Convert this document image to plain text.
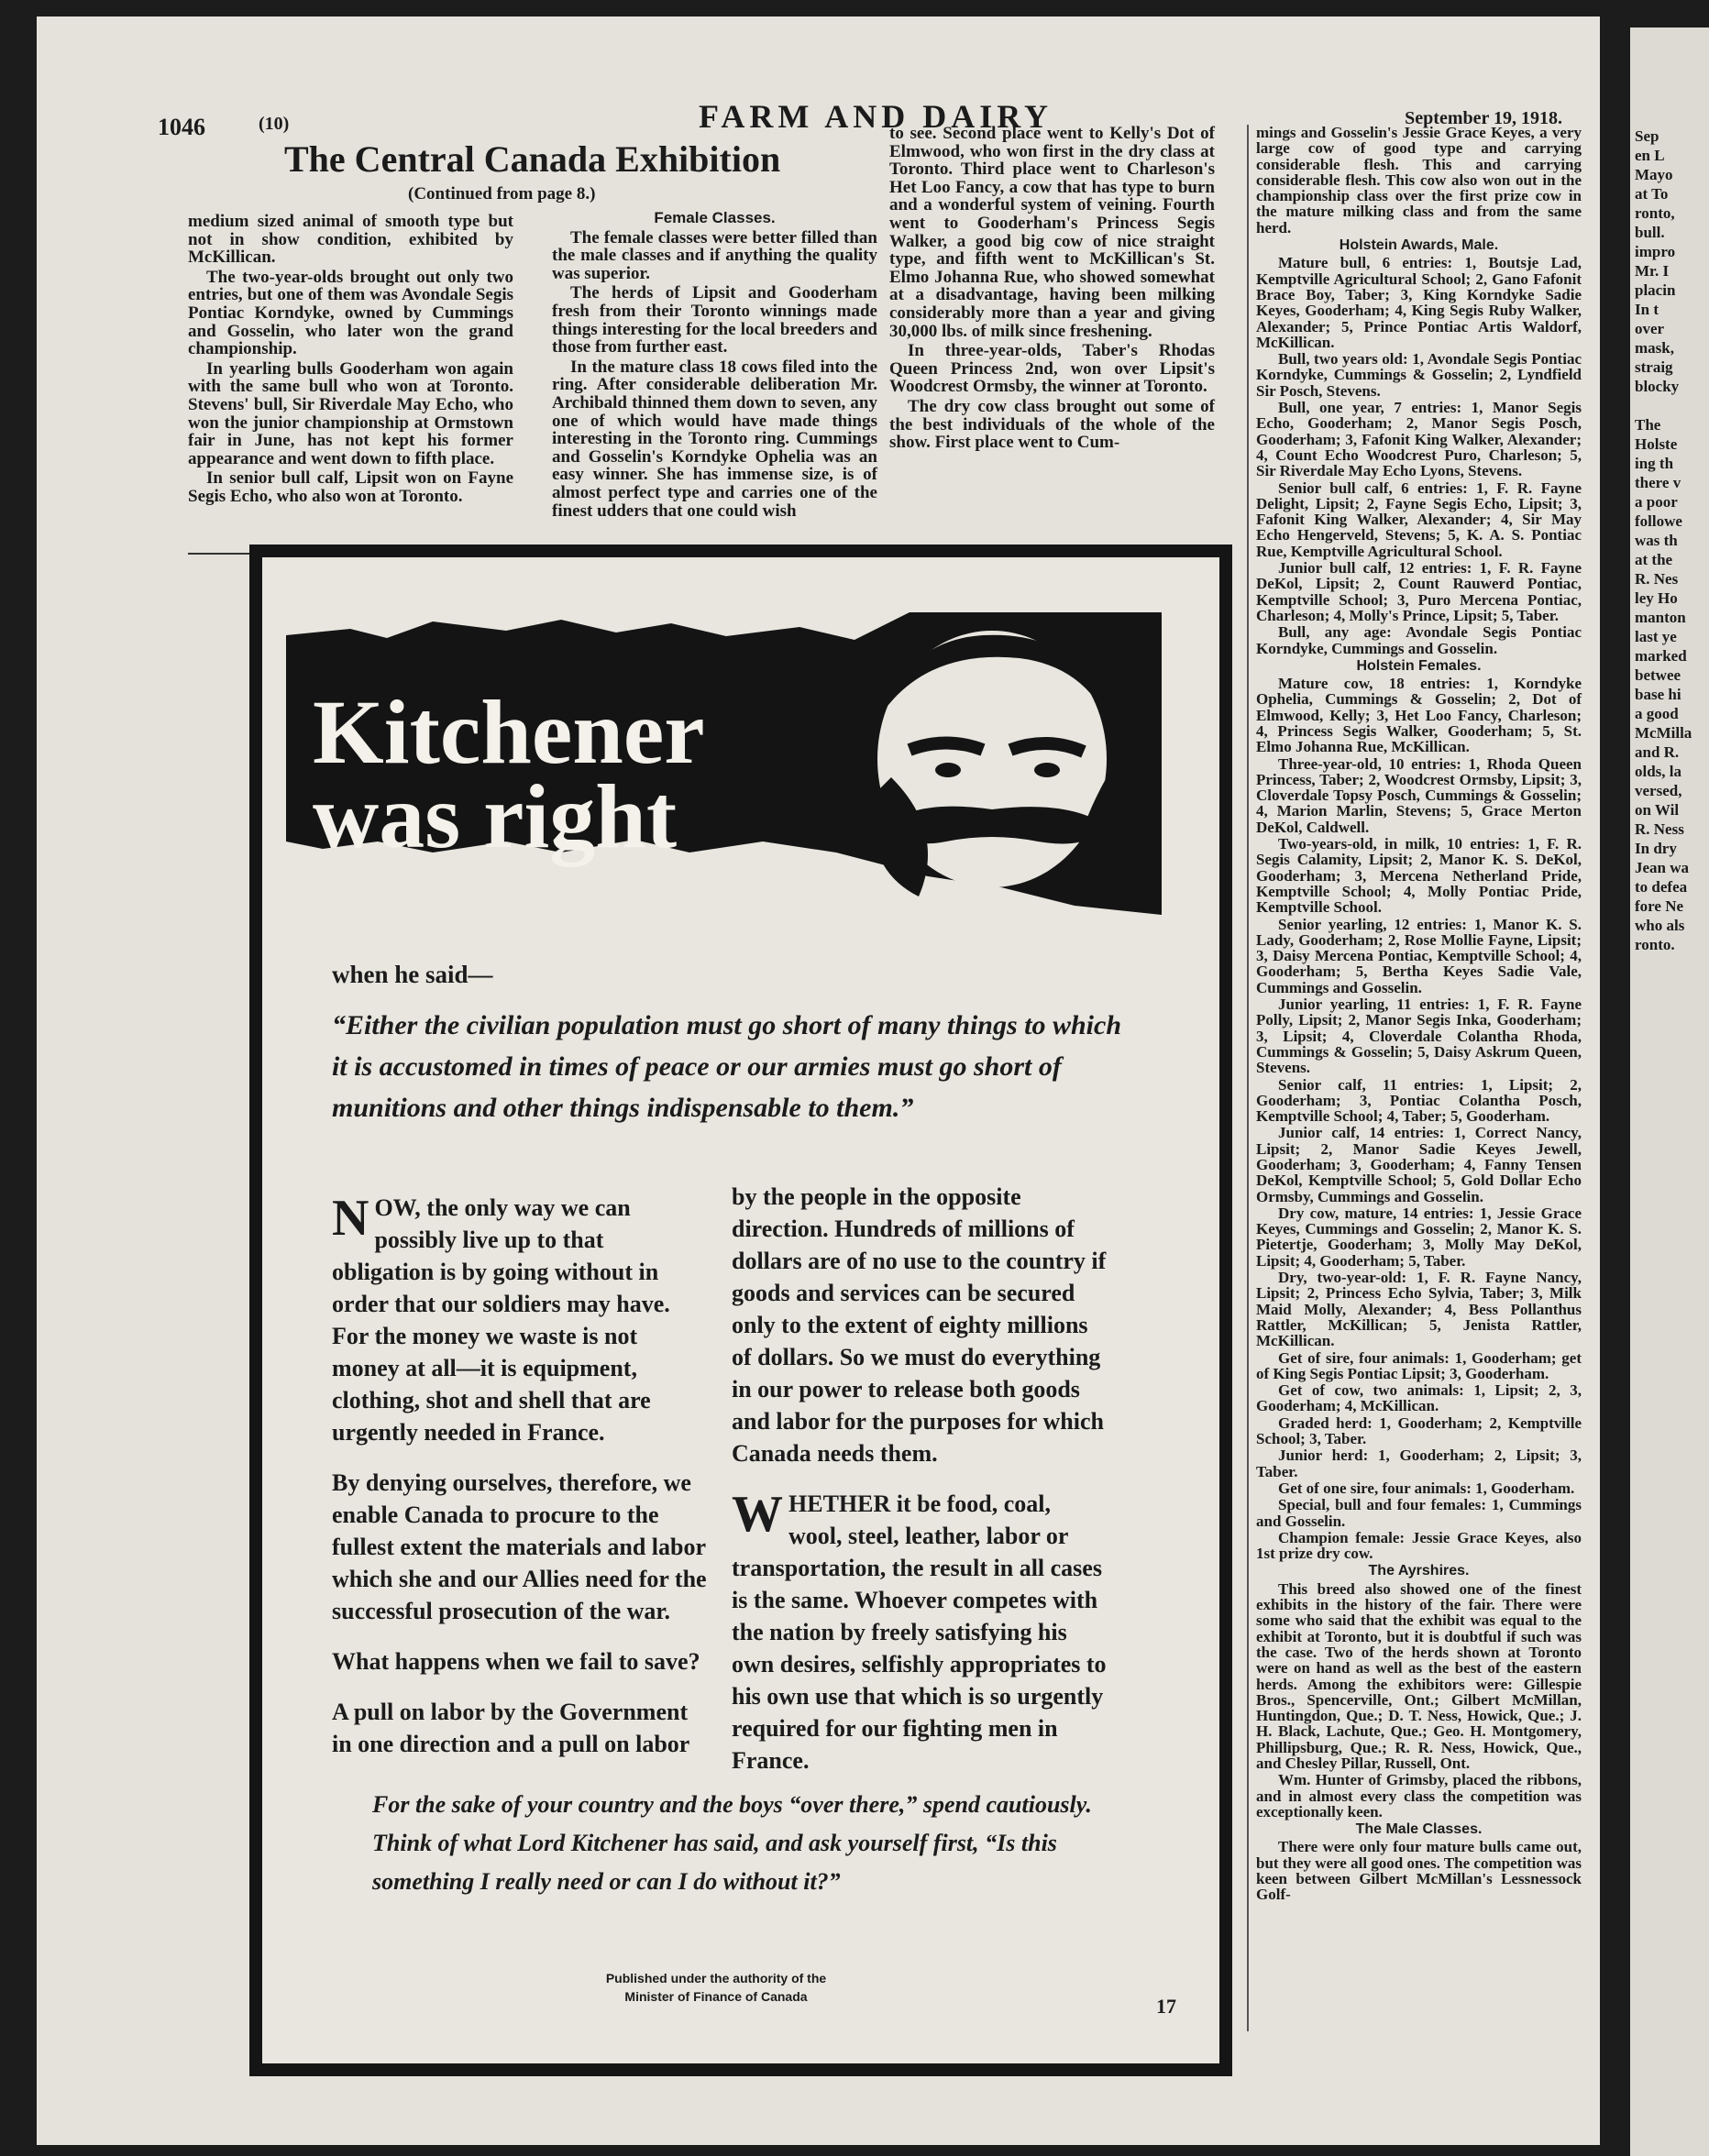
1046	(10)	FARM AND DAIRY	September 19, 1918.
The Central Canada Exhibition
(Continued from page 8.)

medium sized animal of smooth type but not in show condition, exhibited by McKillican.

The two-year-olds brought out only two entries, but one of them was Avondale Segis Pontiac Korndyke, owned by Cummings and Gosselin, who later won the grand championship.

In yearling bulls Gooderham won again with the same bull who won at Toronto. Stevens' bull, Sir Riverdale May Echo, who won the junior championship at Ormstown fair in June, has not kept his former appearance and went down to fifth place.

In senior bull calf, Lipsit won on Fayne Segis Echo, who also won at Toronto.

Female Classes.

The female classes were better filled than the male classes and if anything the quality was superior.

The herds of Lipsit and Gooderham fresh from their Toronto winnings made things interesting for the local breeders and those from further east.

In the mature class 18 cows filed into the ring. After considerable deliberation Mr. Archibald thinned them down to seven, any one of which would have made things interesting in the Toronto ring. Cummings and Gosselin's Korndyke Ophelia was an easy winner. She has immense size, is of almost perfect type and carries one of the finest udders that one could wish

to see. Second place went to Kelly's Dot of Elmwood, who won first in the dry class at Toronto. Third place went to Charleson's Het Loo Fancy, a cow that has type to burn and a wonderful system of veining. Fourth went to Gooderham's Princess Segis Walker, a good big cow of nice straight type, and fifth went to McKillican's St. Elmo Johanna Rue, who showed somewhat at a disadvantage, having been milking considerably more than a year and giving 30,000 lbs. of milk since freshening.

In three-year-olds, Taber's Rhodas Queen Princess 2nd, won over Lipsit's Woodcrest Ormsby, the winner at Toronto.

The dry cow class brought out some of the best individuals of the whole of the show. First place went to Cum-

mings and Gosselin's Jessie Grace Keyes, a very large cow of good type and carrying considerable flesh. This and carrying considerable flesh. This cow also won out in the championship class over the first prize cow in the mature milking class and from the same herd.

Holstein Awards, Male.

Mature bull, 6 entries: 1, Boutsje Lad, Kemptville Agricultural School; 2, Gano Fafonit Brace Boy, Taber; 3, King Korndyke Sadie Keyes, Gooderham; 4, King Segis Ruby Walker, Alexander; 5, Prince Pontiac Artis Waldorf, McKillican.

Bull, two years old: 1, Avondale Segis Pontiac Korndyke, Cummings & Gosselin; 2, Lyndfield Sir Posch, Stevens.

Bull, one year, 7 entries: 1, Manor Segis Echo, Gooderham; 2, Manor Segis Posch, Gooderham; 3, Fafonit King Walker, Alexander; 4, Count Echo Woodcrest Puro, Charleson; 5, Sir Riverdale May Echo Lyons, Stevens.

Senior bull calf, 6 entries: 1, F. R. Fayne Delight, Lipsit; 2, Fayne Segis Echo, Lipsit; 3, Fafonit King Walker, Alexander; 4, Sir May Echo Hengerveld, Stevens; 5, K. A. S. Pontiac Rue, Kemptville Agricultural School.

Junior bull calf, 12 entries: 1, F. R. Fayne DeKol, Lipsit; 2, Count Rauwerd Pontiac, Kemptville School; 3, Puro Mercena Pontiac, Charleson; 4, Molly's Prince, Lipsit; 5, Taber.

Bull, any age: Avondale Segis Pontiac Korndyke, Cummings and Gosselin.

Holstein Females.

Mature cow, 18 entries: 1, Korndyke Ophelia, Cummings & Gosselin; 2, Dot of Elmwood, Kelly; 3, Het Loo Fancy, Charleson; 4, Princess Segis Walker, Gooderham; 5, St. Elmo Johanna Rue, McKillican.

Three-year-old, 10 entries: 1, Rhoda Queen Princess, Taber; 2, Woodcrest Ormsby, Lipsit; 3, Cloverdale Topsy Posch, Cummings & Gosselin; 4, Marion Marlin, Stevens; 5, Grace Merton DeKol, Caldwell.

Two-years-old, in milk, 10 entries: 1, F. R. Segis Calamity, Lipsit; 2, Manor K. S. DeKol, Gooderham; 3, Mercena Netherland Pride, Kemptville School; 4, Molly Pontiac Pride, Kemptville School.

Senior yearling, 12 entries: 1, Manor K. S. Lady, Gooderham; 2, Rose Mollie Fayne, Lipsit; 3, Daisy Mercena Pontiac, Kemptville School; 4, Gooderham; 5, Bertha Keyes Sadie Vale, Cummings and Gosselin.

Junior yearling, 11 entries: 1, F. R. Fayne Polly, Lipsit; 2, Manor Segis Inka, Gooderham; 3, Lipsit; 4, Cloverdale Colantha Rhoda, Cummings & Gosselin; 5, Daisy Askrum Queen, Stevens.

Senior calf, 11 entries: 1, Lipsit; 2, Gooderham; 3, Pontiac Colantha Posch, Kemptville School; 4, Taber; 5, Gooderham.

Junior calf, 14 entries: 1, Correct Nancy, Lipsit; 2, Manor Sadie Keyes Jewell, Gooderham; 3, Gooderham; 4, Fanny Tensen DeKol, Kemptville School; 5, Gold Dollar Echo Ormsby, Cummings and Gosselin.

Dry cow, mature, 14 entries: 1, Jessie Grace Keyes, Cummings and Gosselin; 2, Manor K. S. Pietertje, Gooderham; 3, Molly May DeKol, Lipsit; 4, Gooderham; 5, Taber.

Dry, two-year-old: 1, F. R. Fayne Nancy, Lipsit; 2, Princess Echo Sylvia, Taber; 3, Milk Maid Molly, Alexander; 4, Bess Pollanthus Rattler, McKillican; 5, Jenista Rattler, McKillican.

Get of sire, four animals: 1, Gooderham; get of King Segis Pontiac Lipsit; 3, Gooderham.

Get of cow, two animals: 1, Lipsit; 2, 3, Gooderham; 4, McKillican.

Graded herd: 1, Gooderham; 2, Kemptville School; 3, Taber.

Junior herd: 1, Gooderham; 2, Lipsit; 3, Taber.

Get of one sire, four animals: 1, Gooderham.

Special, bull and four females: 1, Cummings and Gosselin.

Champion female: Jessie Grace Keyes, also 1st prize dry cow.

The Ayrshires.

This breed also showed one of the finest exhibits in the history of the fair. There were some who said that the exhibit was equal to the exhibit at Toronto, but it is doubtful if such was the case. Two of the herds shown at Toronto were on hand as well as the best of the eastern herds. Among the exhibitors were: Gillespie Bros., Spencerville, Ont.; Gilbert McMillan, Huntingdon, Que.; D. T. Ness, Howick, Que.; J. H. Black, Lachute, Que.; Geo. H. Montgomery, Phillipsburg, Que.; R. R. Ness, Howick, Que., and Chesley Pillar, Russell, Ont.

Wm. Hunter of Grimsby, placed the ribbons, and in almost every class the competition was exceptionally keen.

The Male Classes.

There were only four mature bulls came out, but they were all good ones. The competition was keen between Gilbert McMillan's Lessnessock Golf-

Kitchener
was right
when he said—
“Either the civilian population must go short of many things to which it is accustomed in times of peace or our armies must go short of munitions and other things indispensable to them.”

NOW, the only way we can possibly live up to that obligation is by going without in order that our soldiers may have. For the money we waste is not money at all—it is equipment, clothing, shot and shell that are urgently needed in France.

By denying ourselves, therefore, we enable Canada to procure to the fullest extent the materials and labor which she and our Allies need for the successful prosecution of the war.

What happens when we fail to save?

A pull on labor by the Government in one direction and a pull on labor

by the people in the opposite direction. Hundreds of millions of dollars are of no use to the country if goods and services can be secured only to the extent of eighty millions of dollars. So we must do everything in our power to release both goods and labor for the purposes for which Canada needs them.

WHETHER it be food, coal, wool, steel, leather, labor or transportation, the result in all cases is the same. Whoever competes with the nation by freely satisfying his own desires, selfishly appropriates to his own use that which is so urgently required for our fighting men in France.

For the sake of your country and the boys “over there,” spend cautiously. Think of what Lord Kitchener has said, and ask yourself first, “Is this something I really need or can I do without it?”
Published under the authority of the
Minister of Finance of Canada	17
Sep
en L
Mayo
at To
ronto,
bull.
impro
Mr. I
placin
In t
over
mask,
straig
blocky
The
Holste
ing th
there v
a poor
followe
was th
at the
R. Nes
ley Ho
manton
last ye
marked
betwee
base hi
a good
McMilla
and R.
olds, la
versed,
on Wil
R. Ness
In dry
Jean wa
to defea
fore Ne
who als
ronto.
